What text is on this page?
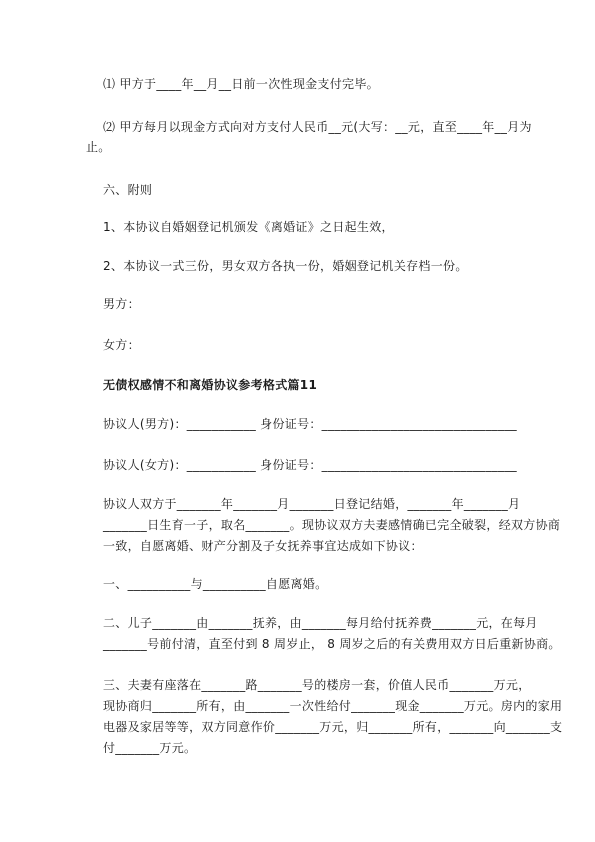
⑴ 甲方于____年__月__日前一次性现金支付完毕。
⑵ 甲方每月以现金方式向对方支付人民币__元(大写：__元，直至____年__月为
止。
六、附则
1、本协议自婚姻登记机颁发《离婚证》之日起生效，
2、本协议一式三份，男女双方各执一份，婚姻登记机关存档一份。
男方：
女方：
无债权感情不和离婚协议参考格式篇11
协议人(男方)：___________ 身份证号：_______________________________
协议人(女方)：___________ 身份证号：_______________________________
协议人双方于_______年_______月_______日登记结婚，_______年_______月
_______日生育一子，取名_______。现协议双方夫妻感情确已完全破裂，经双方协商
一致，自愿离婚、财产分割及子女抚养事宜达成如下协议：
一、__________与__________自愿离婚。
二、儿子_______由_______抚养，由_______每月给付抚养费_______元，在每月
_______号前付清，直至付到 8 周岁止， 8 周岁之后的有关费用双方日后重新协商。
三、夫妻有座落在_______路_______号的楼房一套，价值人民币_______万元，
现协商归_______所有，由_______一次性给付_______现金_______万元。房内的家用
电器及家居等等，双方同意作价_______万元，归_______所有，_______向_______支
付_______万元。
